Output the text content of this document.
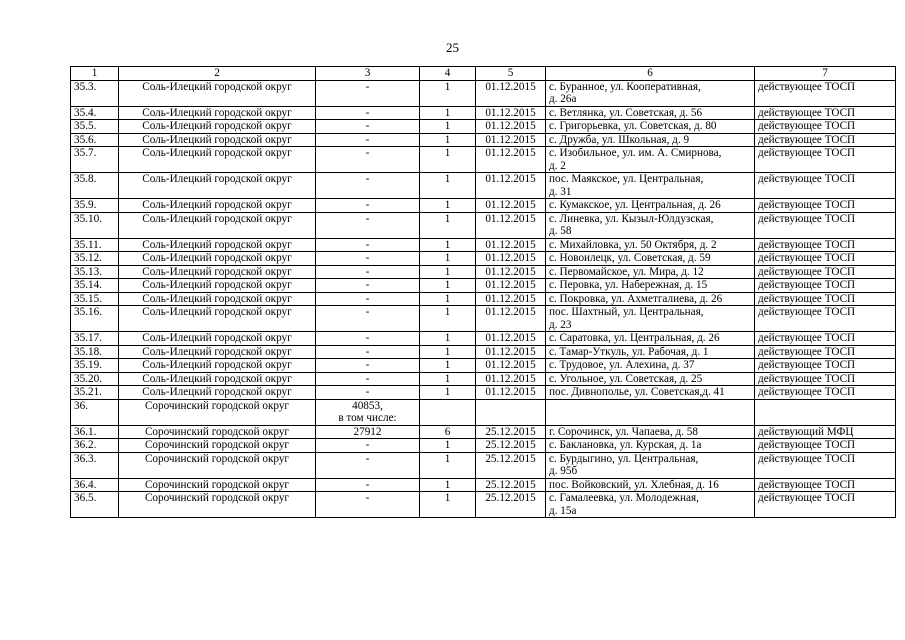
25
1	2	3	4	5	6	7
35.3.	Соль-Илецкий городской округ	-	1	01.12.2015	с. Буранное, ул. Кооперативная,
д. 26а	действующее ТОСП
35.4.	Соль-Илецкий городской округ	-	1	01.12.2015	с. Ветлянка, ул. Советская, д. 56	действующее ТОСП
35.5.	Соль-Илецкий городской округ	-	1	01.12.2015	с. Григорьевка, ул. Советская, д. 80	действующее ТОСП
35.6.	Соль-Илецкий городской округ	-	1	01.12.2015	с. Дружба, ул. Школьная, д. 9	действующее ТОСП
35.7.	Соль-Илецкий городской округ	-	1	01.12.2015	с. Изобильное, ул. им. А. Смирнова,
д. 2	действующее ТОСП
35.8.	Соль-Илецкий городской округ	-	1	01.12.2015	пос. Маякское, ул. Центральная,
д. 31	действующее ТОСП
35.9.	Соль-Илецкий городской округ	-	1	01.12.2015	с. Кумакское, ул. Центральная, д. 26	действующее ТОСП
35.10.	Соль-Илецкий городской округ	-	1	01.12.2015	с. Линевка, ул. Кызыл-Юлдузская,
д. 58	действующее ТОСП
35.11.	Соль-Илецкий городской округ	-	1	01.12.2015	с. Михайловка, ул. 50 Октября, д. 2	действующее ТОСП
35.12.	Соль-Илецкий городской округ	-	1	01.12.2015	с. Новоилецк, ул. Советская, д. 59	действующее ТОСП
35.13.	Соль-Илецкий городской округ	-	1	01.12.2015	с. Первомайское, ул. Мира, д. 12	действующее ТОСП
35.14.	Соль-Илецкий городской округ	-	1	01.12.2015	с. Перовка, ул. Набережная, д. 15	действующее ТОСП
35.15.	Соль-Илецкий городской округ	-	1	01.12.2015	с. Покровка, ул. Ахметгалиева, д. 26	действующее ТОСП
35.16.	Соль-Илецкий городской округ	-	1	01.12.2015	пос. Шахтный, ул. Центральная,
д. 23	действующее ТОСП
35.17.	Соль-Илецкий городской округ	-	1	01.12.2015	с. Саратовка, ул. Центральная, д. 26	действующее ТОСП
35.18.	Соль-Илецкий городской округ	-	1	01.12.2015	с. Тамар-Уткуль, ул. Рабочая, д. 1	действующее ТОСП
35.19.	Соль-Илецкий городской округ	-	1	01.12.2015	с. Трудовое, ул. Алехина, д. 37	действующее ТОСП
35.20.	Соль-Илецкий городской округ	-	1	01.12.2015	с. Угольное, ул. Советская, д. 25	действующее ТОСП
35.21.	Соль-Илецкий городской округ	-	1	01.12.2015	пос. Дивнополье, ул. Советская,д. 41	действующее ТОСП
36.	Сорочинский городской округ	40853,
в том числе:				
36.1.	Сорочинский городской округ	27912	6	25.12.2015	г. Сорочинск, ул. Чапаева, д. 58	действующий МФЦ
36.2.	Сорочинский городской округ	-	1	25.12.2015	с. Баклановка, ул. Курская, д. 1а	действующее ТОСП
36.3.	Сорочинский городской округ	-	1	25.12.2015	с. Бурдыгино, ул. Центральная,
д. 95б	действующее ТОСП
36.4.	Сорочинский городской округ	-	1	25.12.2015	пос. Войковский, ул. Хлебная, д. 16	действующее ТОСП
36.5.	Сорочинский городской округ	-	1	25.12.2015	с. Гамалеевка, ул. Молодежная,
д. 15а	действующее ТОСП
